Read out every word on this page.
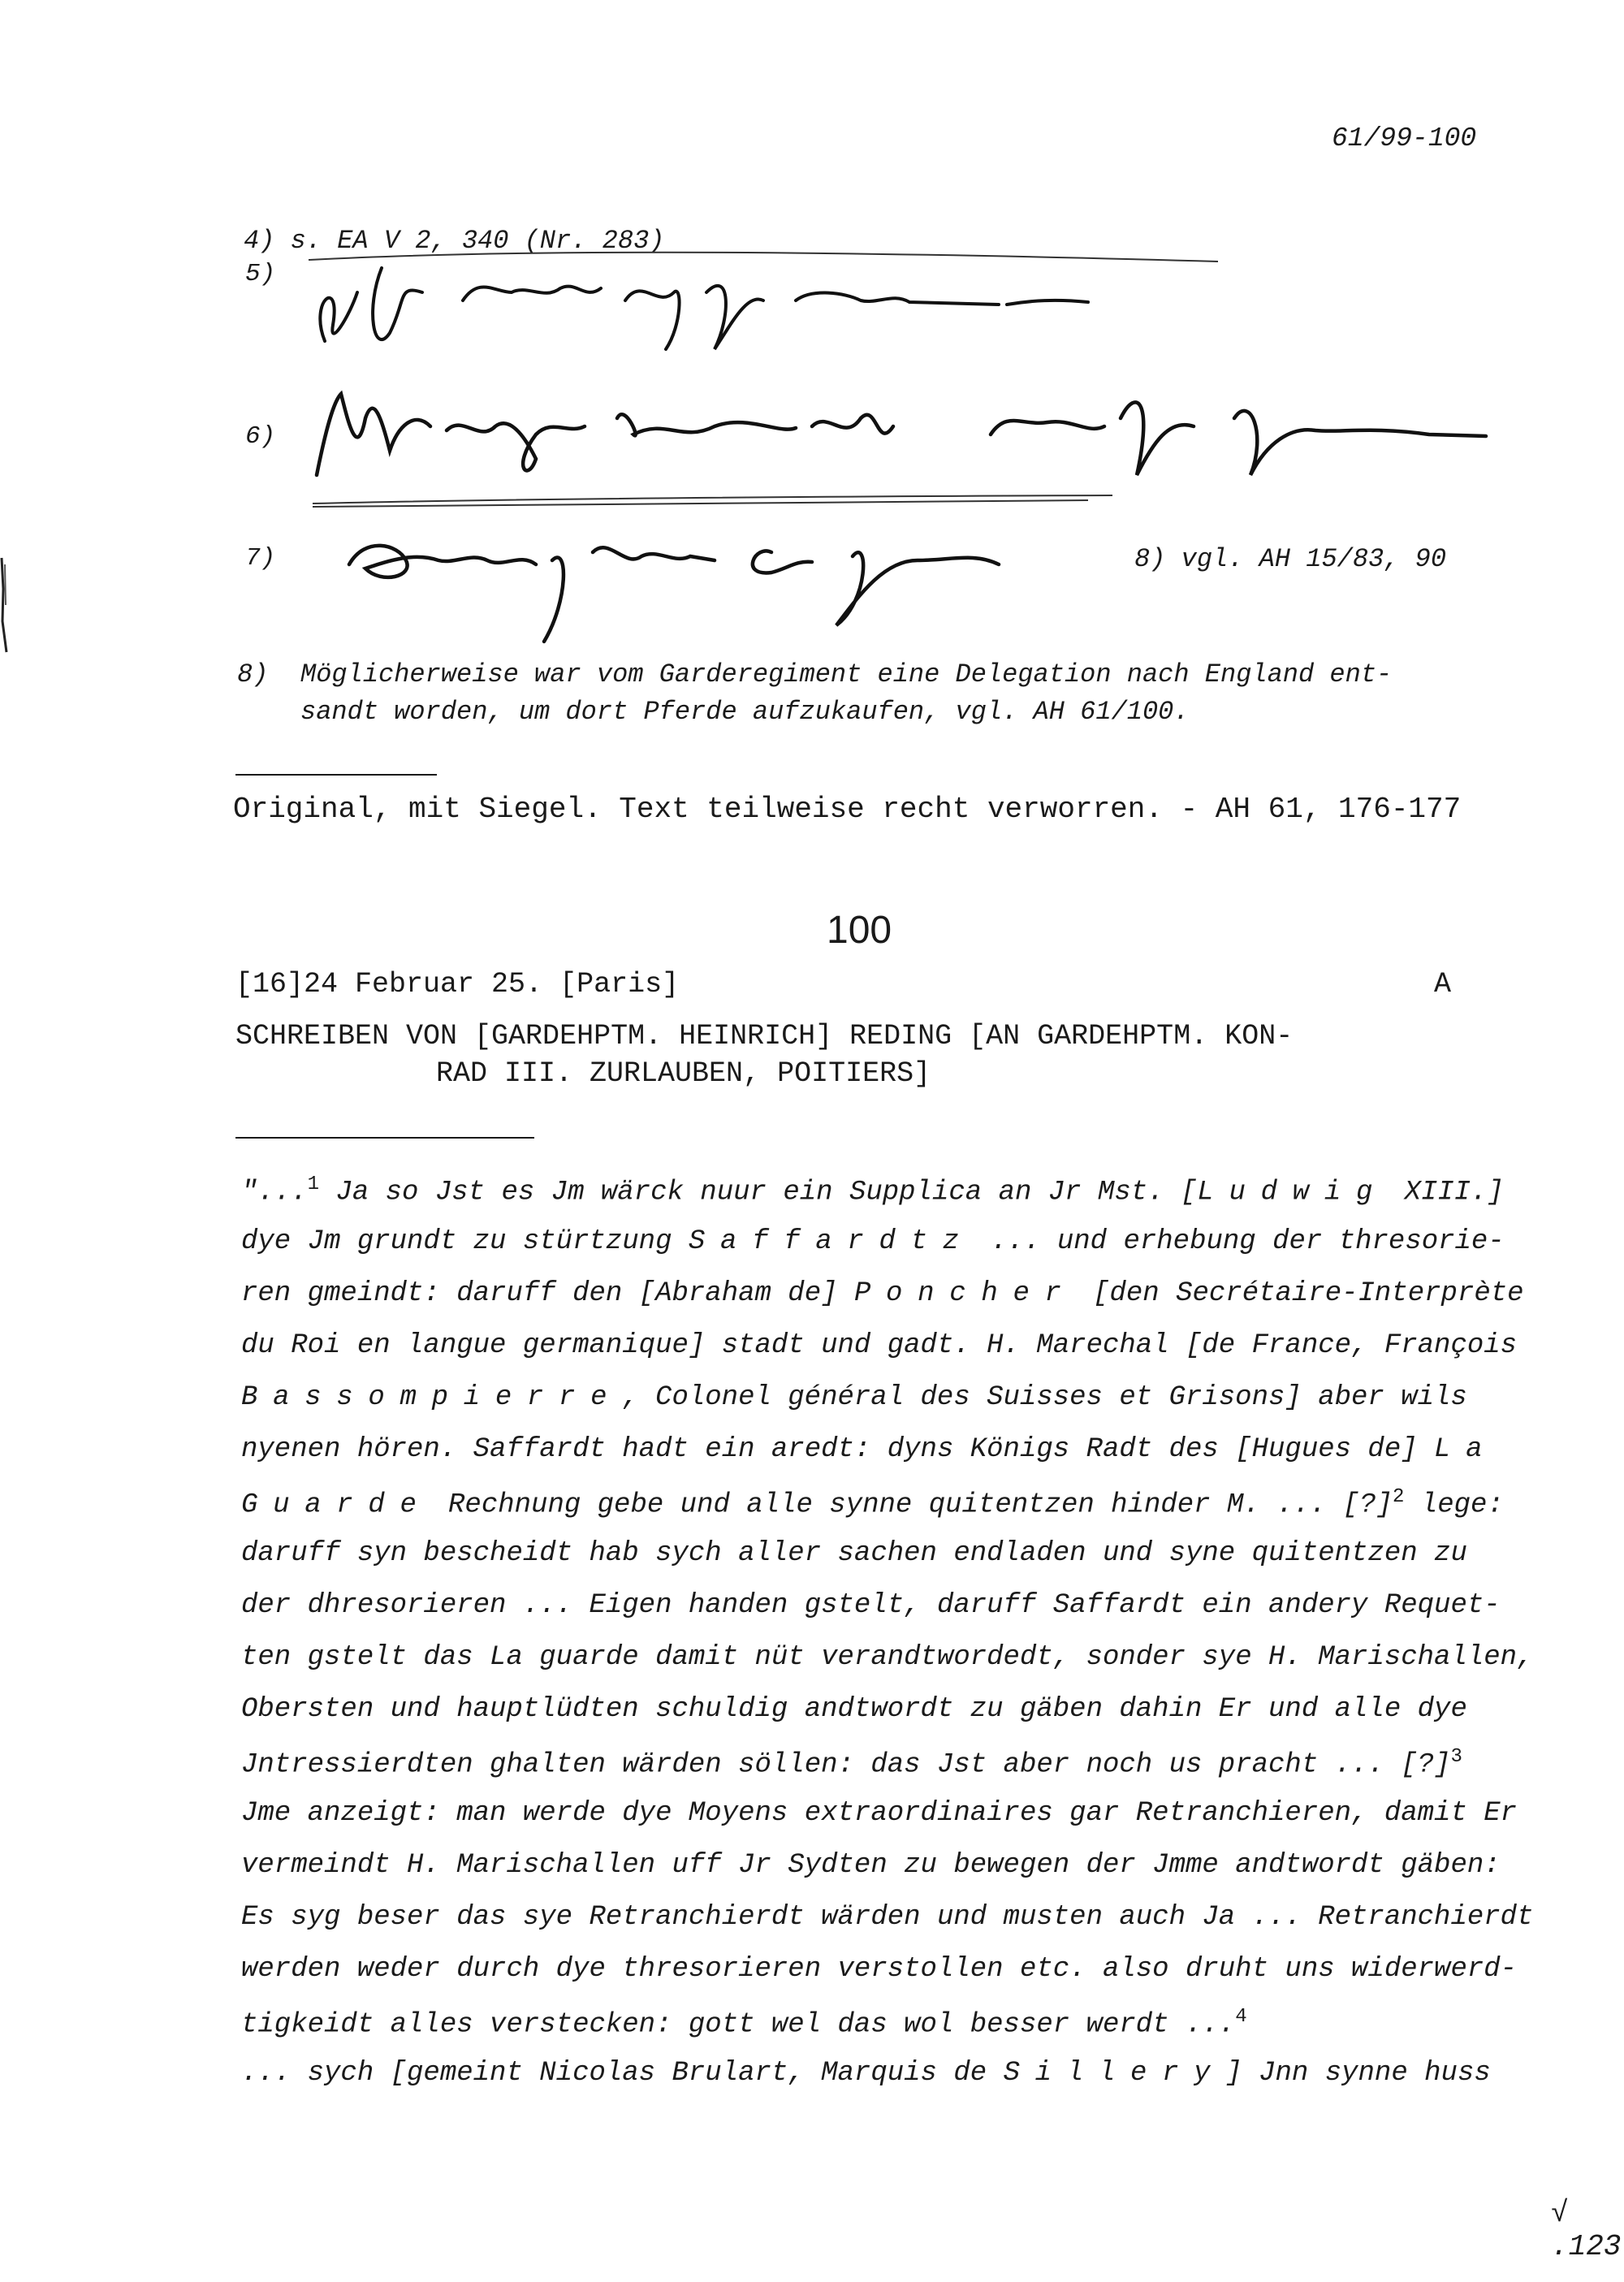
61/99-100
4) s. EA V 2, 340 (Nr. 283)
5)
6)
7)	8) vgl. AH 15/83, 90
8) Möglicherweise war vom Garderegiment eine Delegation nach England ent-
sandt worden, um dort Pferde aufzukaufen, vgl. AH 61/100.
Original, mit Siegel. Text teilweise recht verworren. - AH 61, 176-177
100
[16]24 Februar 25. [Paris]	A
SCHREIBEN VON [GARDEHPTM. HEINRICH] REDING [AN GARDEHPTM. KON-
RAD III. ZURLAUBEN, POITIERS]
"...$^1$ Ja so Jst es Jm wärck nuur ein Supplica an Jr Mst. [Ludwig XIII.]
dye Jm grundt zu stürtzung Saffardtz ... und erhebung der thresorie-
ren gmeindt: daruff den [Abraham de] Poncher [den Secrétaire-Interprète
du Roi en langue germanique] stadt und gadt. H. Marechal [de France, François
Bassompierre, Colonel général des Suisses et Grisons] aber wils
nyenen hören. Saffardt hadt ein aredt: dyns Königs Radt des [Hugues de] La
Guarde Rechnung gebe und alle synne quitentzen hinder M. ... [?]$^2$ lege:
daruff syn bescheidt hab sych aller sachen endladen und syne quitentzen zu
der dhresorieren ... Eigen handen gstelt, daruff Saffardt ein andery Requet-
ten gstelt das La guarde damit nüt verandtwordedt, sonder sye H. Marischallen,
Obersten und hauptlüdten schuldig andtwordt zu gäben dahin Er und alle dye
Jntressierdten ghalten wärden söllen: das Jst aber noch us pracht ... [?]$^3$
Jme anzeigt: man werde dye Moyens extraordinaires gar Retranchieren, damit Er
vermeindt H. Marischallen uff Jr Sydten zu bewegen der Jmme andtwordt gäben:
Es syg beser das sye Retranchierdt wärden und musten auch Ja ... Retranchierdt
werden weder durch dye thresorieren verstollen etc. also druht uns widerwerd-
tigkeidt alles verstecken: gott wel das wol besser werdt ...$^4$
... sych [gemeint Nicolas Brulart, Marquis de Sillery] Jnn synne huss
√ .123
